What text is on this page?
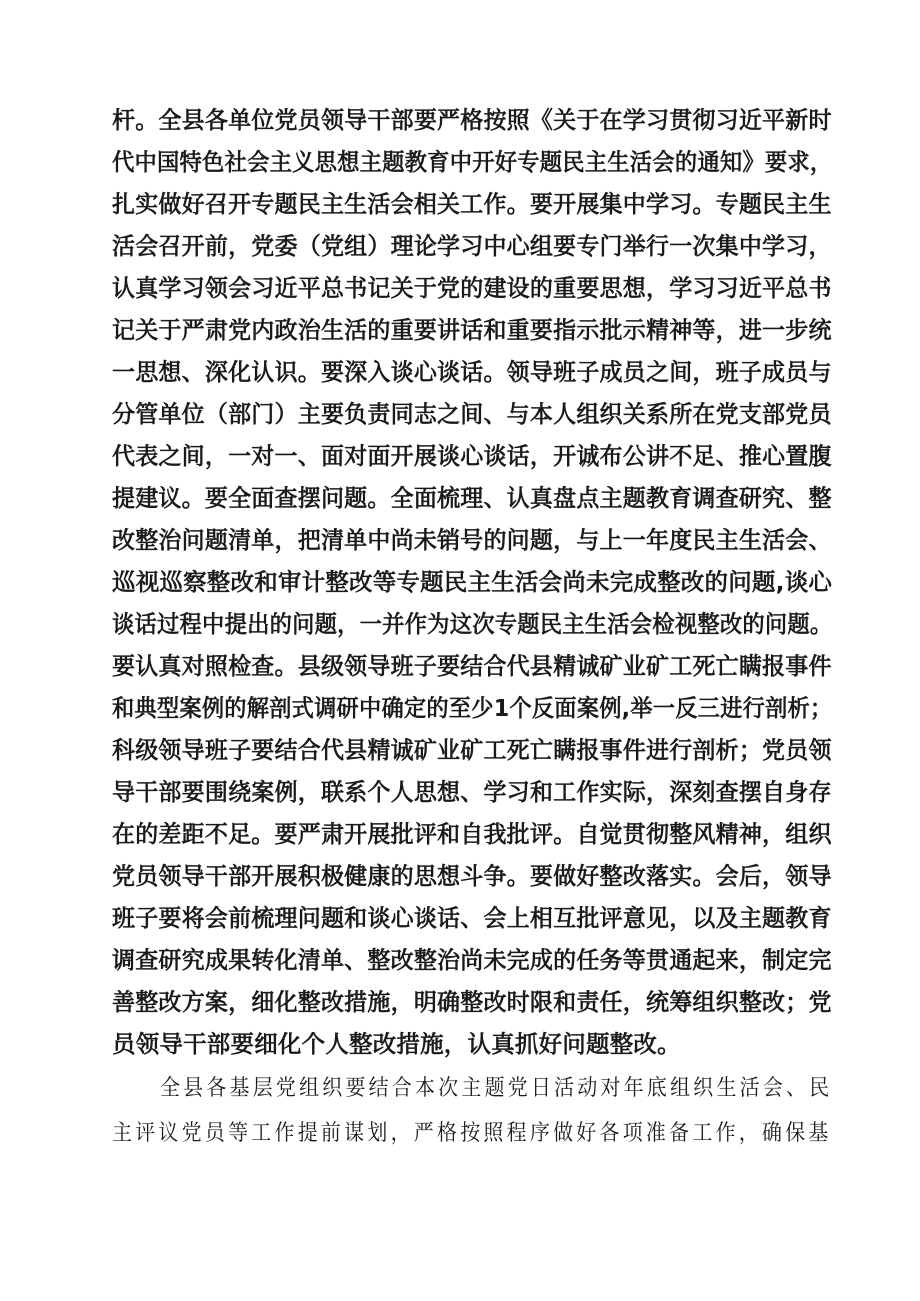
杆。全县各单位党员领导干部要严格按照《关于在学习贯彻习近平新时
代中国特色社会主义思想主题教育中开好专题民主生活会的通知》要求，
扎实做好召开专题民主生活会相关工作。要开展集中学习。专题民主生
活会召开前，党委（党组）理论学习中心组要专门举行一次集中学习，
认真学习领会习近平总书记关于党的建设的重要思想，学习习近平总书
记关于严肃党内政治生活的重要讲话和重要指示批示精神等，进一步统
一思想、深化认识。要深入谈心谈话。领导班子成员之间，班子成员与
分管单位（部门）主要负责同志之间、与本人组织关系所在党支部党员
代表之间，一对一、面对面开展谈心谈话，开诚布公讲不足、推心置腹
提建议。要全面查摆问题。全面梳理、认真盘点主题教育调查研究、整
改整治问题清单，把清单中尚未销号的问题，与上一年度民主生活会、
巡视巡察整改和审计整改等专题民主生活会尚未完成整改的问题,谈心
谈话过程中提出的问题，一并作为这次专题民主生活会检视整改的问题。
要认真对照检查。县级领导班子要结合代县精诚矿业矿工死亡瞒报事件
和典型案例的解剖式调研中确定的至少1个反面案例,举一反三进行剖析；
科级领导班子要结合代县精诚矿业矿工死亡瞒报事件进行剖析；党员领
导干部要围绕案例，联系个人思想、学习和工作实际，深刻查摆自身存
在的差距不足。要严肃开展批评和自我批评。自觉贯彻整风精神，组织
党员领导干部开展积极健康的思想斗争。要做好整改落实。会后，领导
班子要将会前梳理问题和谈心谈话、会上相互批评意见，以及主题教育
调查研究成果转化清单、整改整治尚未完成的任务等贯通起来，制定完
善整改方案，细化整改措施，明确整改时限和责任，统筹组织整改；党
员领导干部要细化个人整改措施，认真抓好问题整改。
全县各基层党组织要结合本次主题党日活动对年底组织生活会、民
主评议党员等工作提前谋划，严格按照程序做好各项准备工作，确保基
